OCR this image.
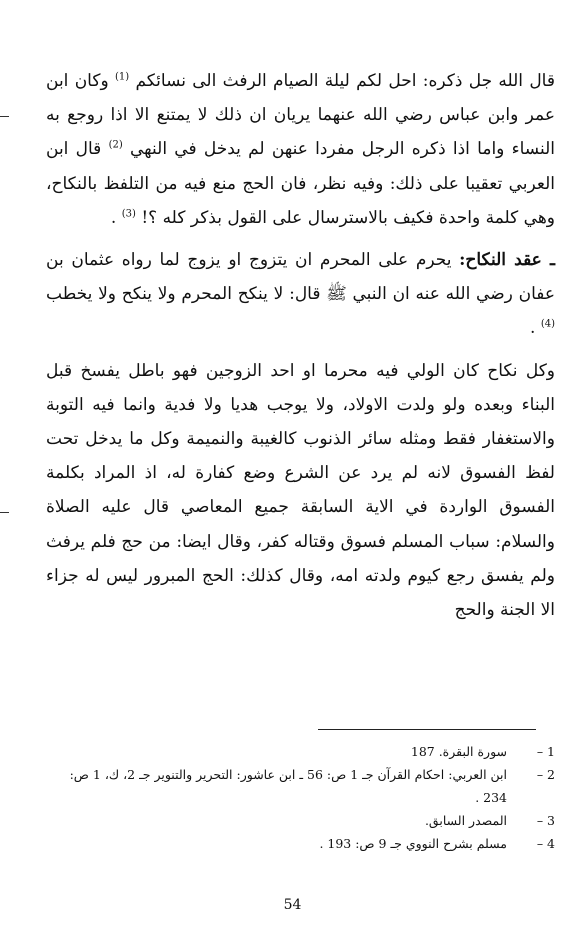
قال الله جل ذكره: احل لكم ليلة الصيام الرفث الى نسائكم $^{(1)}$ وكان ابن عمر وابن عباس رضي الله عنهما يريان ان ذلك لا يمتنع الا اذا روجع به النساء واما اذا ذكره الرجل مفردا عنهن لم يدخل في النهي $^{(2)}$ قال ابن العربي تعقيبا على ذلك: وفيه نظر، فان الحج منع فيه من التلفظ بالنكاح، وهي كلمة واحدة فكيف بالاسترسال على القول بذكر كله ؟! $^{(3)}$ .

ـ عقد النكاح: يحرم على المحرم ان يتزوج او يزوج لما رواه عثمان بن عفان رضي الله عنه ان النبي ﷺ قال: لا ينكح المحرم ولا ينكح ولا يخطب $^{(4)}$ .

وكل نكاح كان الولي فيه محرما او احد الزوجين فهو باطل يفسخ قبل البناء وبعده ولو ولدت الاولاد، ولا يوجب هديا ولا فدية وانما فيه التوبة والاستغفار فقط ومثله سائر الذنوب كالغيبة والنميمة وكل ما يدخل تحت لفظ الفسوق لانه لم يرد عن الشرع وضع كفارة له، اذ المراد بكلمة الفسوق الواردة في الاية السابقة جميع المعاصي قال عليه الصلاة والسلام: سباب المسلم فسوق وقتاله كفر، وقال ايضا: من حج فلم يرفث ولم يفسق رجع كيوم ولدته امه، وقال كذلك: الحج المبرور ليس له جزاء الا الجنة والحج

1 –
سورة البقرة. 187
2 –
ابن العربي: احكام القرآن جـ 1 ص: 56 ـ ابن عاشور: التحرير والتنوير جـ 2، ك، 1 ص: 234 .
3 –
المصدر السابق.
4 –
مسلم بشرح النووي جـ 9 ص: 193 .
54
